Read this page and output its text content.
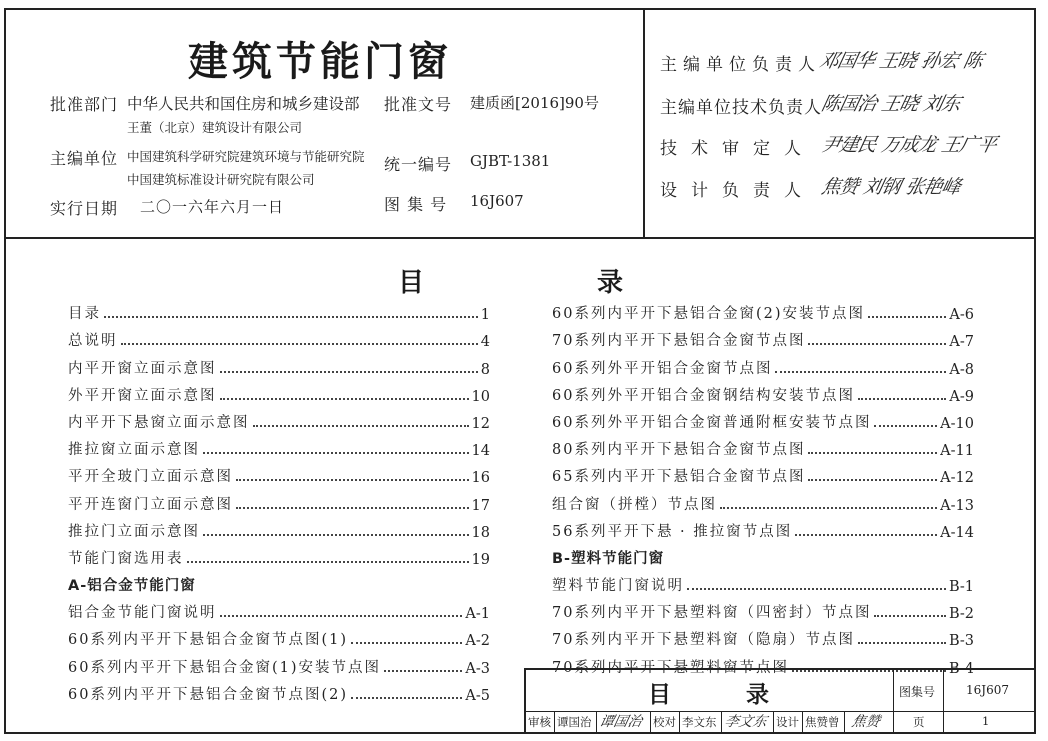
建筑节能门窗
批准部门 中华人民共和国住房和城乡建设部 批准文号 建质函[2016]90号
王董（北京）建筑设计有限公司
主编单位 中国建筑科学研究院建筑环境与节能研究院
中国建筑标准设计研究院有限公司
统一编号 GJBT-1381
实行日期 二〇一六年六月一日	图 集 号 16J607
主编单位负责人
邓国华王晓孙宏陈
主编单位技术负责人
陈国治王晓刘东
技术审定人 尹建民万成龙王广平
设计负责人 焦赞刘钢张艳峰
目	录
目录	1
总说明	4
内平开窗立面示意图	8
外平开窗立面示意图	10
内平开下悬窗立面示意图	12
推拉窗立面示意图	14
平开全玻门立面示意图	16
平开连窗门立面示意图	17
推拉门立面示意图	18
节能门窗选用表	19
A-铝合金节能门窗
铝合金节能门窗说明	A-1
60系列内平开下悬铝合金窗节点图(1)	A-2
60系列内平开下悬铝合金窗(1)安装节点图	A-3
60系列内平开下悬铝合金窗节点图(2)	A-5
60系列内平开下悬铝合金窗(2)安装节点图	A-6
70系列内平开下悬铝合金窗节点图	A-7
60系列外平开铝合金窗节点图	A-8
60系列外平开铝合金窗钢结构安装节点图	A-9
60系列外平开铝合金窗普通附框安装节点图	A-10
80系列内平开下悬铝合金窗节点图	A-11
65系列内平开下悬铝合金窗节点图	A-12
组合窗（拼樘）节点图	A-13
56系列平开下悬 · 推拉窗节点图	A-14
B-塑料节能门窗
塑料节能门窗说明	B-1
70系列内平开下悬塑料窗（四密封）节点图	B-2
70系列内平开下悬塑料窗（隐扇）节点图	B-3
70系列内平开下悬塑料窗节点图	B-4
目	录	图集号	16J607
审核 谭国治 谭国治 校对 李文东 李文东 设计 焦赞曾 焦赞	页	1
